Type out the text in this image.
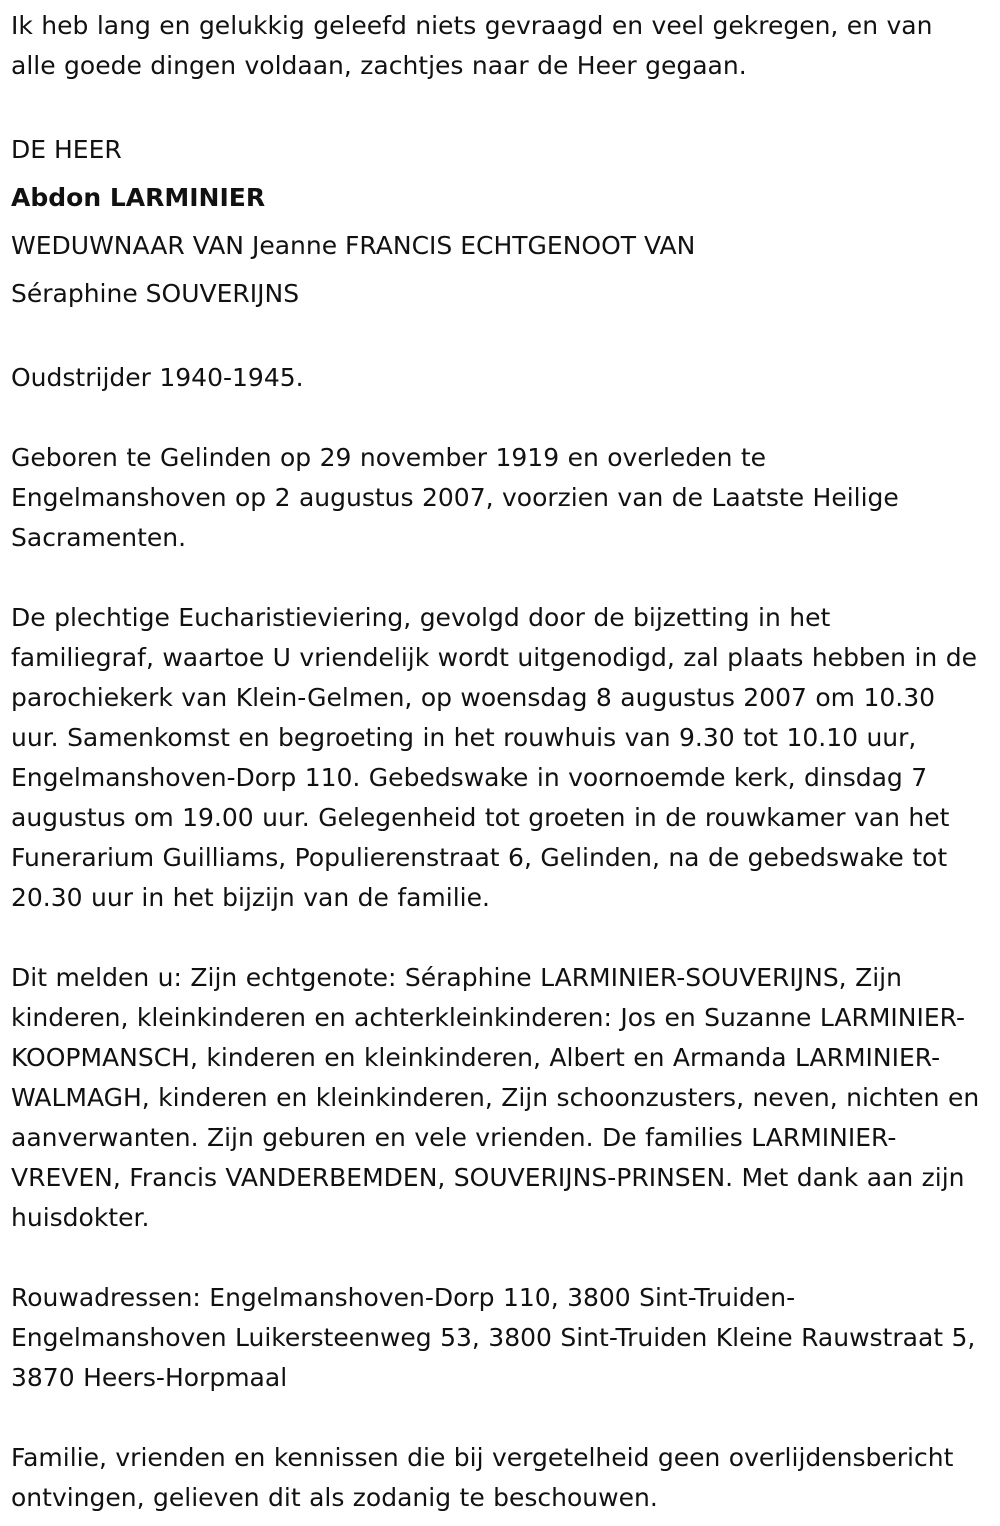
Ik heb lang en gelukkig geleefd niets gevraagd en veel gekregen, en van alle goede dingen voldaan, zachtjes naar de Heer gegaan.

DE HEER
Abdon LARMINIER
WEDUWNAAR VAN Jeanne FRANCIS ECHTGENOOT VAN
Séraphine SOUVERIJNS

Oudstrijder 1940-1945.

Geboren te Gelinden op 29 november 1919 en overleden te Engelmanshoven op 2 augustus 2007, voorzien van de Laatste Heilige Sacramenten.

De plechtige Eucharistieviering, gevolgd door de bijzetting in het familiegraf, waartoe U vriendelijk wordt uitgenodigd, zal plaats hebben in de parochiekerk van Klein-Gelmen, op woensdag 8 augustus 2007 om 10.30 uur. Samenkomst en begroeting in het rouwhuis van 9.30 tot 10.10 uur, Engelmanshoven-Dorp 110. Gebedswake in voornoemde kerk, dinsdag 7 augustus om 19.00 uur. Gelegenheid tot groeten in de rouwkamer van het Funerarium Guilliams, Populierenstraat 6, Gelinden, na de gebedswake tot 20.30 uur in het bijzijn van de familie.

Dit melden u: Zijn echtgenote: Séraphine LARMINIER-SOUVERIJNS, Zijn kinderen, kleinkinderen en achterkleinkinderen: Jos en Suzanne LARMINIER-KOOPMANSCH, kinderen en kleinkinderen, Albert en Armanda LARMINIER-WALMAGH, kinderen en kleinkinderen, Zijn schoonzusters, neven, nichten en aanverwanten. Zijn geburen en vele vrienden. De families LARMINIER-VREVEN, Francis VANDERBEMDEN, SOUVERIJNS-PRINSEN. Met dank aan zijn huisdokter.

Rouwadressen: Engelmanshoven-Dorp 110, 3800 Sint-Truiden-Engelmanshoven Luikersteenweg 53, 3800 Sint-Truiden Kleine Rauwstraat 5, 3870 Heers-Horpmaal

Familie, vrienden en kennissen die bij vergetelheid geen overlijdensbericht ontvingen, gelieven dit als zodanig te beschouwen.
